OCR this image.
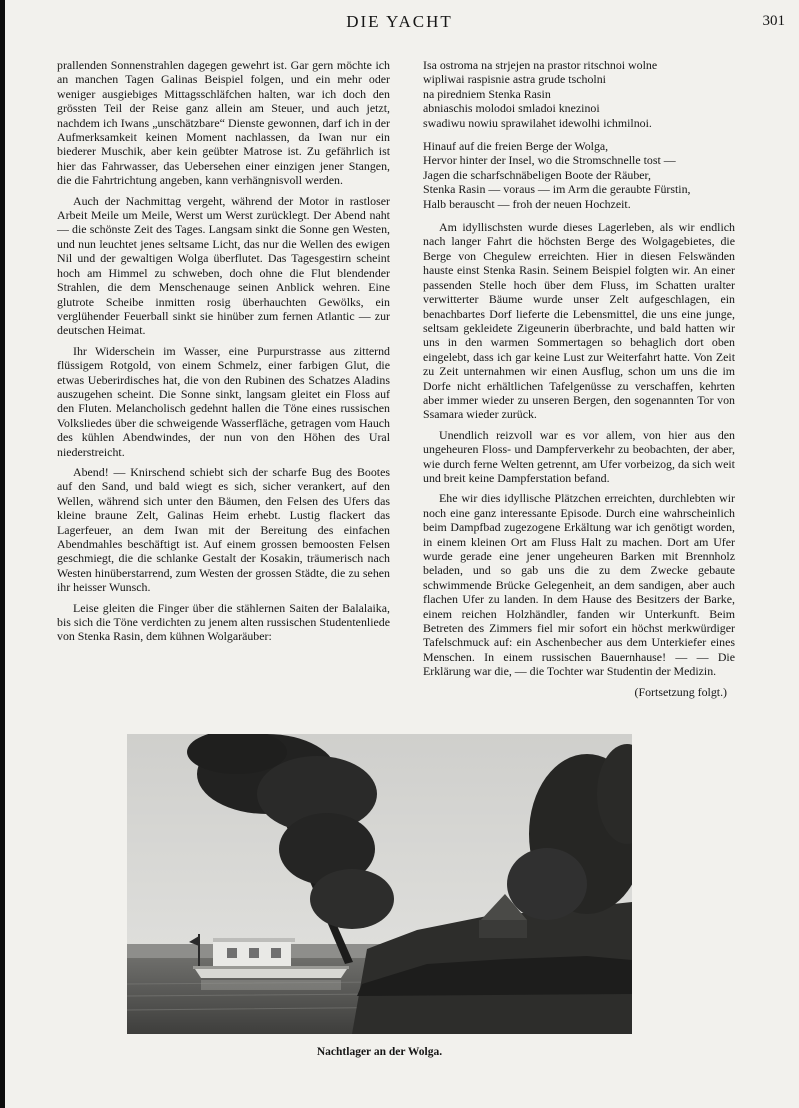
DIE YACHT	301

prallenden Sonnenstrahlen dagegen gewehrt ist. Gar gern möchte ich an manchen Tagen Galinas Beispiel folgen, und ein mehr oder weniger ausgiebiges Mittagsschläfchen halten, war ich doch den grössten Teil der Reise ganz allein am Steuer, und auch jetzt, nachdem ich Iwans „unschätzbare“ Dienste gewonnen, darf ich in der Aufmerksamkeit keinen Moment nachlassen, da Iwan nur ein biederer Muschik, aber kein geübter Matrose ist. Zu gefährlich ist hier das Fahrwasser, das Uebersehen einer einzigen jener Stangen, die die Fahrtrichtung angeben, kann verhängnisvoll werden.

Auch der Nachmittag vergeht, während der Motor in rastloser Arbeit Meile um Meile, Werst um Werst zurücklegt. Der Abend naht — die schönste Zeit des Tages. Langsam sinkt die Sonne gen Westen, und nun leuchtet jenes seltsame Licht, das nur die Wellen des ewigen Nil und der gewaltigen Wolga überflutet. Das Tagesgestirn scheint hoch am Himmel zu schweben, doch ohne die Flut blendender Strahlen, die dem Menschenauge seinen Anblick wehren. Eine glutrote Scheibe inmitten rosig überhauchten Gewölks, ein verglühender Feuerball sinkt sie hinüber zum fernen Atlantic — zur deutschen Heimat.

Ihr Widerschein im Wasser, eine Purpurstrasse aus zitternd flüssigem Rotgold, von einem Schmelz, einer farbigen Glut, die etwas Ueberirdisches hat, die von den Rubinen des Schatzes Aladins auszugehen scheint. Die Sonne sinkt, langsam gleitet ein Floss auf den Fluten. Melancholisch gedehnt hallen die Töne eines russischen Volksliedes über die schweigende Wasserfläche, getragen vom Hauch des kühlen Abendwindes, der nun von den Höhen des Ural niederstreicht.

Abend! — Knirschend schiebt sich der scharfe Bug des Bootes auf den Sand, und bald wiegt es sich, sicher verankert, auf den Wellen, während sich unter den Bäumen, den Felsen des Ufers das kleine braune Zelt, Galinas Heim erhebt. Lustig flackert das Lagerfeuer, an dem Iwan mit der Bereitung des einfachen Abendmahles beschäftigt ist. Auf einem grossen bemoosten Felsen geschmiegt, die die schlanke Gestalt der Kosakin, träumerisch nach Westen hinüberstarrend, zum Westen der grossen Städte, die zu sehen ihr heisser Wunsch.

Leise gleiten die Finger über die stählernen Saiten der Balalaika, bis sich die Töne verdichten zu jenem alten russischen Studentenliede von Stenka Rasin, dem kühnen Wolgaräuber:

Isa ostroma na strjejen na prastor ritschnoi wolne
wipliwai raspisnie astra grude tscholni
na piredniem Stenka Rasin
abniaschis molodoi smladoi knezinoi
swadiwu nowiu sprawilahet idewolhi ichmilnoi.
Hinauf auf die freien Berge der Wolga,
Hervor hinter der Insel, wo die Stromschnelle tost —
Jagen die scharfschnäbeligen Boote der Räuber,
Stenka Rasin — voraus — im Arm die geraubte Fürstin,
Halb berauscht — froh der neuen Hochzeit.

Am idyllischsten wurde dieses Lagerleben, als wir endlich nach langer Fahrt die höchsten Berge des Wolgagebietes, die Berge von Chegulew erreichten. Hier in diesen Felswänden hauste einst Stenka Rasin. Seinem Beispiel folgten wir. An einer passenden Stelle hoch über dem Fluss, im Schatten uralter verwitterter Bäume wurde unser Zelt aufgeschlagen, ein benachbartes Dorf lieferte die Lebensmittel, die uns eine junge, seltsam gekleidete Zigeunerin überbrachte, und bald hatten wir uns in den warmen Sommertagen so behaglich dort oben eingelebt, dass ich gar keine Lust zur Weiterfahrt hatte. Von Zeit zu Zeit unternahmen wir einen Ausflug, schon um uns die im Dorfe nicht erhältlichen Tafelgenüsse zu verschaffen, kehrten aber immer wieder zu unseren Bergen, den sogenannten Tor von Ssamara wieder zurück.

Unendlich reizvoll war es vor allem, von hier aus den ungeheuren Floss- und Dampferverkehr zu beobachten, der aber, wie durch ferne Welten getrennt, am Ufer vorbeizog, da sich weit und breit keine Dampferstation befand.

Ehe wir dies idyllische Plätzchen erreichten, durchlebten wir noch eine ganz interessante Episode. Durch eine wahrscheinlich beim Dampfbad zugezogene Erkältung war ich genötigt worden, in einem kleinen Ort am Fluss Halt zu machen. Dort am Ufer wurde gerade eine jener ungeheuren Barken mit Brennholz beladen, und so gab uns die zu dem Zwecke gebaute schwimmende Brücke Gelegenheit, an dem sandigen, aber auch flachen Ufer zu landen. In dem Hause des Besitzers der Barke, einem reichen Holzhändler, fanden wir Unterkunft. Beim Betreten des Zimmers fiel mir sofort ein höchst merkwürdiger Tafelschmuck auf: ein Aschenbecher aus dem Unterkiefer eines Menschen. In einem russischen Bauernhause! — — Die Erklärung war die, — die Tochter war Studentin der Medizin.

(Fortsetzung folgt.)
Nachtlager an der Wolga.
